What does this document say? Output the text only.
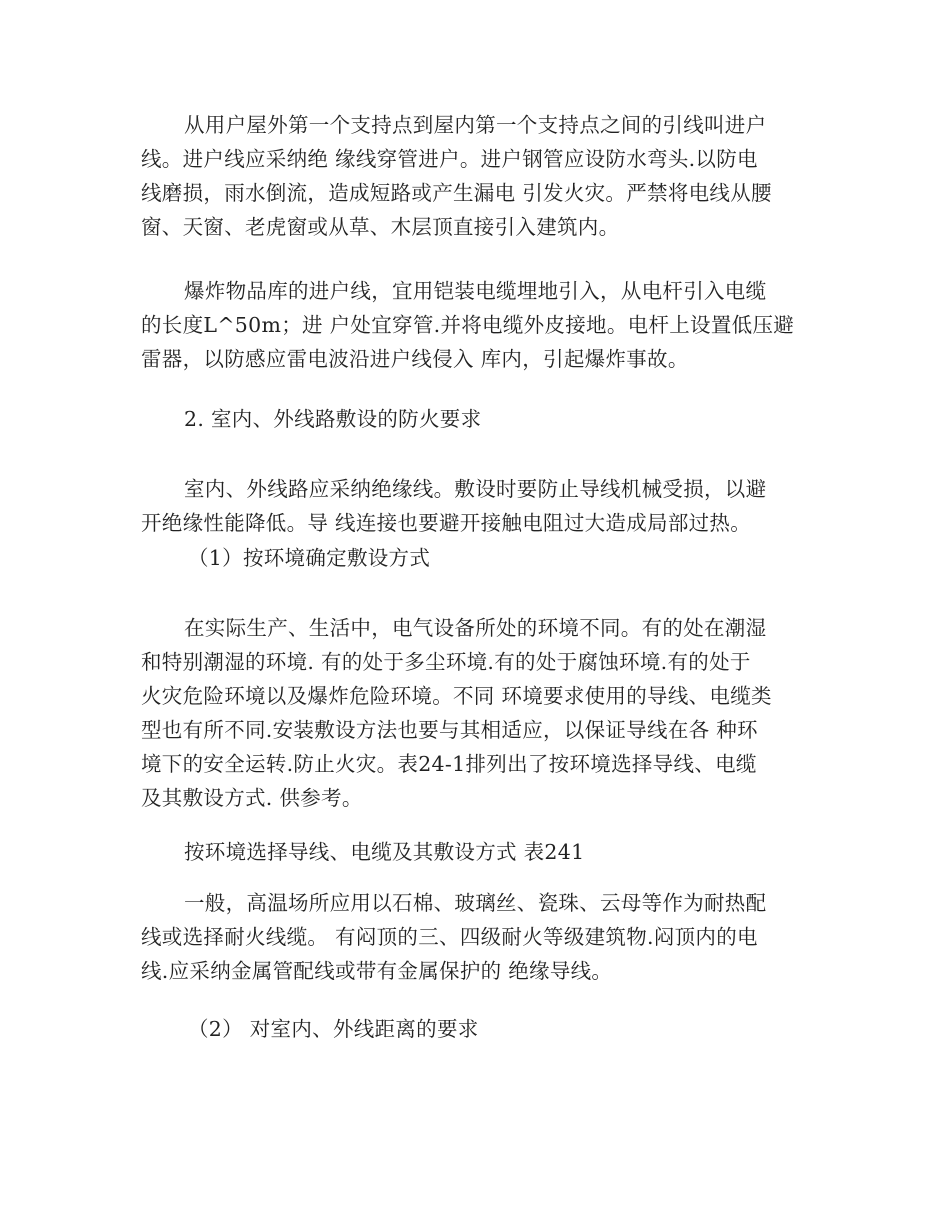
从用户屋外第一个支持点到屋内第一个支持点之间的引线叫进户
线。进户线应采纳绝 缘线穿管进户。进户钢管应设防水弯头.以防电
线磨损，雨水倒流，造成短路或产生漏电 引发火灾。严禁将电线从腰
窗、天窗、老虎窗或从草、木层顶直接引入建筑内。
爆炸物品库的进户线，宜用铠装电缆埋地引入，从电杆引入电缆
的长度L^50m；进 户处宜穿管.并将电缆外皮接地。电杆上设置低压避
雷器，以防感应雷电波沿进户线侵入 库内，引起爆炸事故。
2. 室内、外线路敷设的防火要求
室内、外线路应采纳绝缘线。敷设时要防止导线机械受损，以避
开绝缘性能降低。导 线连接也要避开接触电阻过大造成局部过热。
（1）按环境确定敷设方式
在实际生产、生活中，电气设备所处的环境不同。有的处在潮湿
和特别潮湿的环境. 有的处于多尘环境.有的处于腐蚀环境.有的处于
火灾危险环境以及爆炸危险环境。不同 环境要求使用的导线、电缆类
型也有所不同.安装敷设方法也要与其相适应，以保证导线在各 种环
境下的安全运转.防止火灾。表24-1排列出了按环境选择导线、电缆
及其敷设方式. 供参考。
按环境选择导线、电缆及其敷设方式 表241
一般，高温场所应用以石棉、玻璃丝、瓷珠、云母等作为耐热配
线或选择耐火线缆。 有闷顶的三、四级耐火等级建筑物.闷顶内的电
线.应采纳金属管配线或带有金属保护的 绝缘导线。
（2） 对室内、外线距离的要求
